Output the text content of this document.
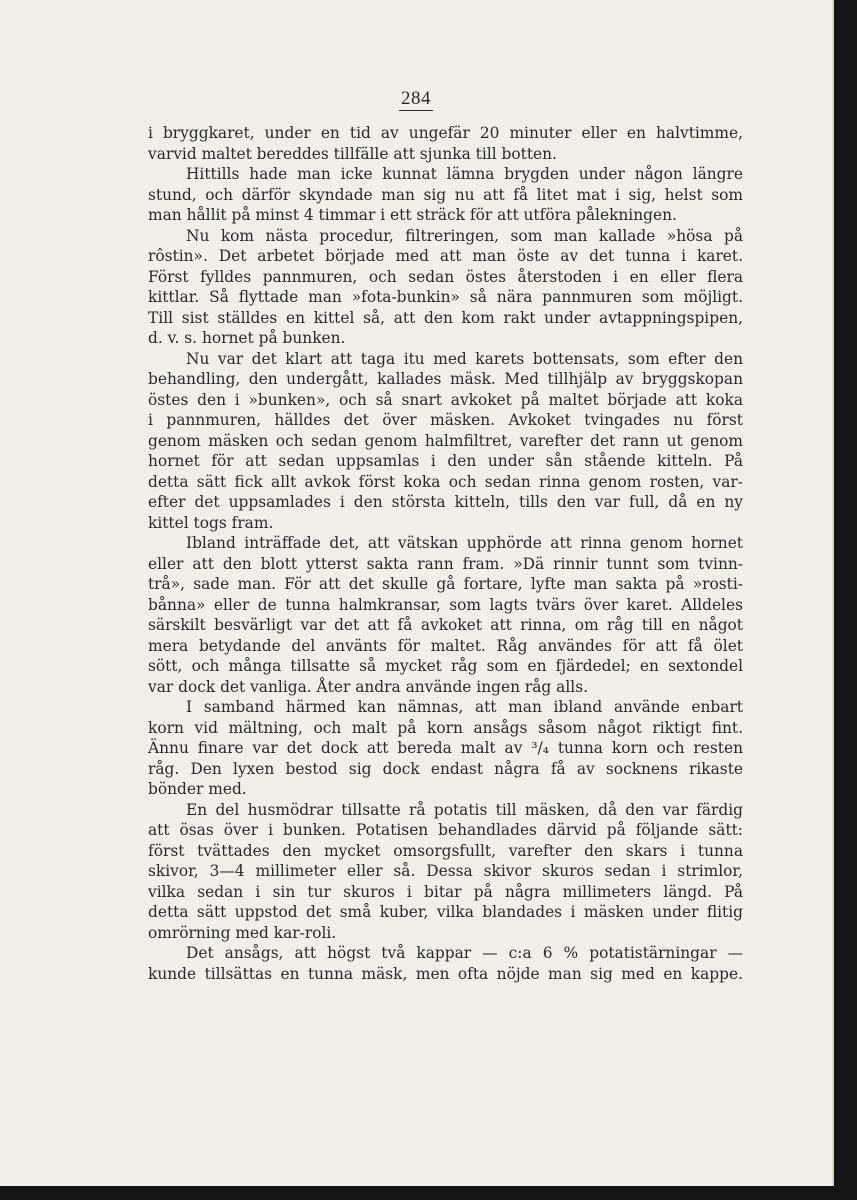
284

i bryggkaret, under en tid av ungefär 20 minuter eller en halvtimme,

varvid maltet bereddes tillfälle att sjunka till botten.

Hittills hade man icke kunnat lämna brygden under någon längre

stund, och därför skyndade man sig nu att få litet mat i sig, helst som

man hållit på minst 4 timmar i ett sträck för att utföra pålekningen.

Nu kom nästa procedur, filtreringen, som man kallade »hösa på

rôstin». Det arbetet började med att man öste av det tunna i karet.

Först fylldes pannmuren, och sedan östes återstoden i en eller flera

kittlar. Så flyttade man »fota-bunkin» så nära pannmuren som möjligt.

Till sist ställdes en kittel så, att den kom rakt under avtappningspipen,

d. v. s. hornet på bunken.

Nu var det klart att taga itu med karets bottensats, som efter den

behandling, den undergått, kallades mäsk. Med tillhjälp av bryggskopan

östes den i »bunken», och så snart avkoket på maltet började att koka

i pannmuren, hälldes det över mäsken. Avkoket tvingades nu först

genom mäsken och sedan genom halmfiltret, varefter det rann ut genom

hornet för att sedan uppsamlas i den under sån stående kitteln. På

detta sätt fick allt avkok först koka och sedan rinna genom rosten, var-

efter det uppsamlades i den största kitteln, tills den var full, då en ny

kittel togs fram.

Ibland inträffade det, att vätskan upphörde att rinna genom hornet

eller att den blott ytterst sakta rann fram. »Dä rinnir tunnt som tvinn-

trå», sade man. För att det skulle gå fortare, lyfte man sakta på »rosti-

bånna» eller de tunna halmkransar, som lagts tvärs över karet. Alldeles

särskilt besvärligt var det att få avkoket att rinna, om råg till en något

mera betydande del använts för maltet. Råg användes för att få ölet

sött, och många tillsatte så mycket råg som en fjärdedel; en sextondel

var dock det vanliga. Åter andra använde ingen råg alls.

I samband härmed kan nämnas, att man ibland använde enbart

korn vid mältning, och malt på korn ansågs såsom något riktigt fint.

Ännu finare var det dock att bereda malt av ³/₄ tunna korn och resten

råg. Den lyxen bestod sig dock endast några få av socknens rikaste

bönder med.

En del husmödrar tillsatte rå potatis till mäsken, då den var färdig

att ösas över i bunken. Potatisen behandlades därvid på följande sätt:

först tvättades den mycket omsorgsfullt, varefter den skars i tunna

skivor, 3—4 millimeter eller så. Dessa skivor skuros sedan i strimlor,

vilka sedan i sin tur skuros i bitar på några millimeters längd. På

detta sätt uppstod det små kuber, vilka blandades i mäsken under flitig

omrörning med kar-roli.

Det ansågs, att högst två kappar — c:a 6 % potatistärningar —

kunde tillsättas en tunna mäsk, men ofta nöjde man sig med en kappe.
